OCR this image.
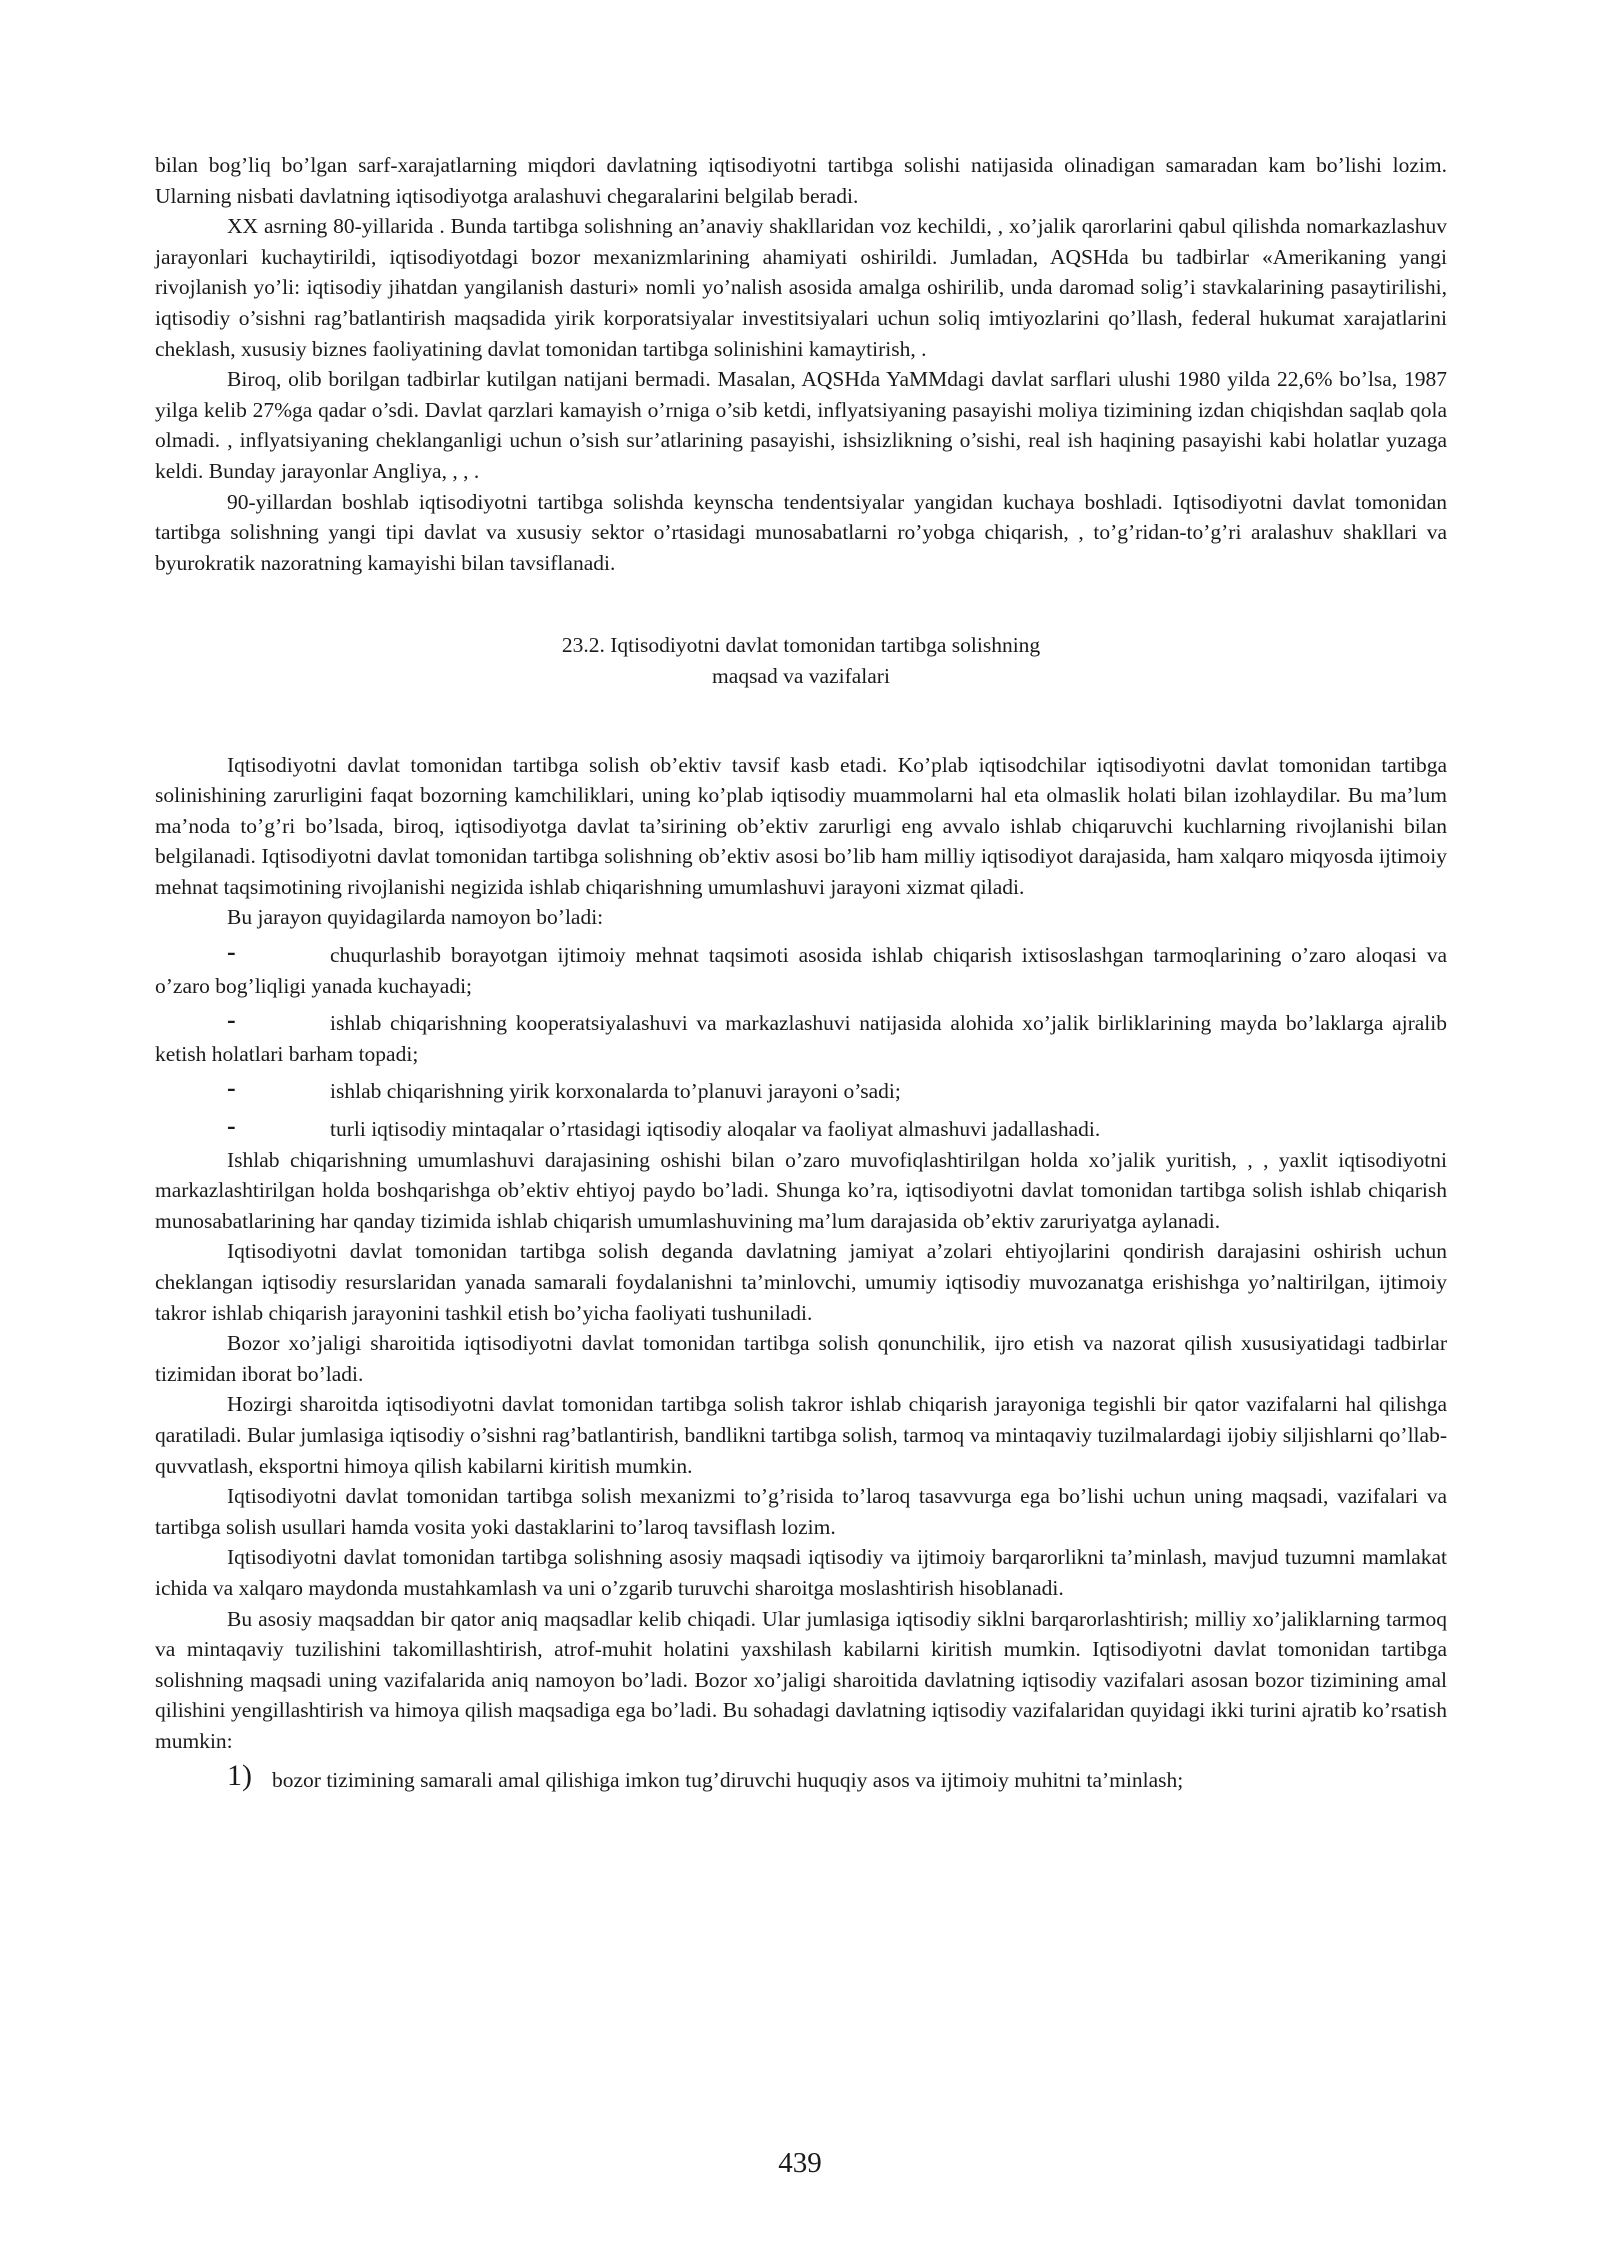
bilan bog’liq bo’lgan sarf-xarajatlarning miqdori davlatning iqtisodiyotni tartibga solishi natijasida olinadigan samaradan kam bo’lishi lozim. Ularning nisbati davlatning iqtisodiyotga aralashuvi chegaralarini belgilab beradi.

XX asrning 80-yillarida . Bunda tartibga solishning an’anaviy shakllaridan voz kechildi, , xo’jalik qarorlarini qabul qilishda nomarkazlashuv jarayonlari kuchaytirildi, iqtisodiyotdagi bozor mexanizmlarining ahamiyati oshirildi. Jumladan, AQSHda bu tadbirlar «Amerikaning yangi rivojlanish yo’li: iqtisodiy jihatdan yangilanish dasturi» nomli yo’nalish asosida amalga oshirilib, unda daromad solig’i stavkalarining pasaytirilishi, iqtisodiy o’sishni rag’batlantirish maqsadida yirik korporatsiyalar investitsiyalari uchun soliq imtiyozlarini qo’llash, federal hukumat xarajatlarini cheklash, xususiy biznes faoliyatining davlat tomonidan tartibga solinishini kamaytirish, .

Biroq, olib borilgan tadbirlar kutilgan natijani bermadi. Masalan, AQSHda YaMMdagi davlat sarflari ulushi 1980 yilda 22,6% bo’lsa, 1987 yilga kelib 27%ga qadar o’sdi. Davlat qarzlari kamayish o’rniga o’sib ketdi, inflyatsiyaning pasayishi moliya tizimining izdan chiqishdan saqlab qola olmadi. , inflyatsiyaning cheklanganligi uchun o’sish sur’atlarining pasayishi, ishsizlikning o’sishi, real ish haqining pasayishi kabi holatlar yuzaga keldi. Bunday jarayonlar Angliya, , , .

90-yillardan boshlab iqtisodiyotni tartibga solishda keynscha tendentsiyalar yangidan kuchaya boshladi. Iqtisodiyotni davlat tomonidan tartibga solishning yangi tipi davlat va xususiy sektor o’rtasidagi munosabatlarni ro’yobga chiqarish, , to’g’ridan-to’g’ri aralashuv shakllari va byurokratik nazoratning kamayishi bilan tavsiflanadi.

23.2. Iqtisodiyotni davlat tomonidan tartibga solishning
maqsad va vazifalari

Iqtisodiyotni davlat tomonidan tartibga solish ob’ektiv tavsif kasb etadi. Ko’plab iqtisodchilar iqtisodiyotni davlat tomonidan tartibga solinishining zarurligini faqat bozorning kamchiliklari, uning ko’plab iqtisodiy muammolarni hal eta olmaslik holati bilan izohlaydilar. Bu ma’lum ma’noda to’g’ri bo’lsada, biroq, iqtisodiyotga davlat ta’sirining ob’ektiv zarurligi eng avvalo ishlab chiqaruvchi kuchlarning rivojlanishi bilan belgilanadi. Iqtisodiyotni davlat tomonidan tartibga solishning ob’ektiv asosi bo’lib ham milliy iqtisodiyot darajasida, ham xalqaro miqyosda ijtimoiy mehnat taqsimotining rivojlanishi negizida ishlab chiqarishning umumlashuvi jarayoni xizmat qiladi.

Bu jarayon quyidagilarda namoyon bo’ladi:

-	chuqurlashib borayotgan ijtimoiy mehnat taqsimoti asosida ishlab chiqarish ixtisoslashgan tarmoqlarining o’zaro aloqasi va o’zaro bog’liqligi yanada kuchayadi;

-	ishlab chiqarishning kooperatsiyalashuvi va markazlashuvi natijasida alohida xo’jalik birliklarining mayda bo’laklarga ajralib ketish holatlari barham topadi;

-	ishlab chiqarishning yirik korxonalarda to’planuvi jarayoni o’sadi;

-	turli iqtisodiy mintaqalar o’rtasidagi iqtisodiy aloqalar va faoliyat almashuvi jadallashadi.

Ishlab chiqarishning umumlashuvi darajasining oshishi bilan o’zaro muvofiqlashtirilgan holda xo’jalik yuritish, , , yaxlit iqtisodiyotni markazlashtirilgan holda boshqarishga ob’ektiv ehtiyoj paydo bo’ladi. Shunga ko’ra, iqtisodiyotni davlat tomonidan tartibga solish ishlab chiqarish munosabatlarining har qanday tizimida ishlab chiqarish umumlashuvining ma’lum darajasida ob’ektiv zaruriyatga aylanadi.

Iqtisodiyotni davlat tomonidan tartibga solish deganda davlatning jamiyat a’zolari ehtiyojlarini qondirish darajasini oshirish uchun cheklangan iqtisodiy resurslaridan yanada samarali foydalanishni ta’minlovchi, umumiy iqtisodiy muvozanatga erishishga yo’naltirilgan, ijtimoiy takror ishlab chiqarish jarayonini tashkil etish bo’yicha faoliyati tushuniladi.

Bozor xo’jaligi sharoitida iqtisodiyotni davlat tomonidan tartibga solish qonunchilik, ijro etish va nazorat qilish xususiyatidagi tadbirlar tizimidan iborat bo’ladi.

Hozirgi sharoitda iqtisodiyotni davlat tomonidan tartibga solish takror ishlab chiqarish jarayoniga tegishli bir qator vazifalarni hal qilishga qaratiladi. Bular jumlasiga iqtisodiy o’sishni rag’batlantirish, bandlikni tartibga solish, tarmoq va mintaqaviy tuzilmalardagi ijobiy siljishlarni qo’llab-quvvatlash, eksportni himoya qilish kabilarni kiritish mumkin.

Iqtisodiyotni davlat tomonidan tartibga solish mexanizmi to’g’risida to’laroq tasavvurga ega bo’lishi uchun uning maqsadi, vazifalari va tartibga solish usullari hamda vosita yoki dastaklarini to’laroq tavsiflash lozim.

Iqtisodiyotni davlat tomonidan tartibga solishning asosiy maqsadi iqtisodiy va ijtimoiy barqarorlikni ta’minlash, mavjud tuzumni mamlakat ichida va xalqaro maydonda mustahkamlash va uni o’zgarib turuvchi sharoitga moslashtirish hisoblanadi.

Bu asosiy maqsaddan bir qator aniq maqsadlar kelib chiqadi. Ular jumlasiga iqtisodiy siklni barqarorlashtirish; milliy xo’jaliklarning tarmoq va mintaqaviy tuzilishini takomillashtirish, atrof-muhit holatini yaxshilash kabilarni kiritish mumkin. Iqtisodiyotni davlat tomonidan tartibga solishning maqsadi uning vazifalarida aniq namoyon bo’ladi. Bozor xo’jaligi sharoitida davlatning iqtisodiy vazifalari asosan bozor tizimining amal qilishini yengillashtirish va himoya qilish maqsadiga ega bo’ladi. Bu sohadagi davlatning iqtisodiy vazifalaridan quyidagi ikki turini ajratib ko’rsatish mumkin:

1) bozor tizimining samarali amal qilishiga imkon tug’diruvchi huquqiy asos va ijtimoiy muhitni ta’minlash;

439
